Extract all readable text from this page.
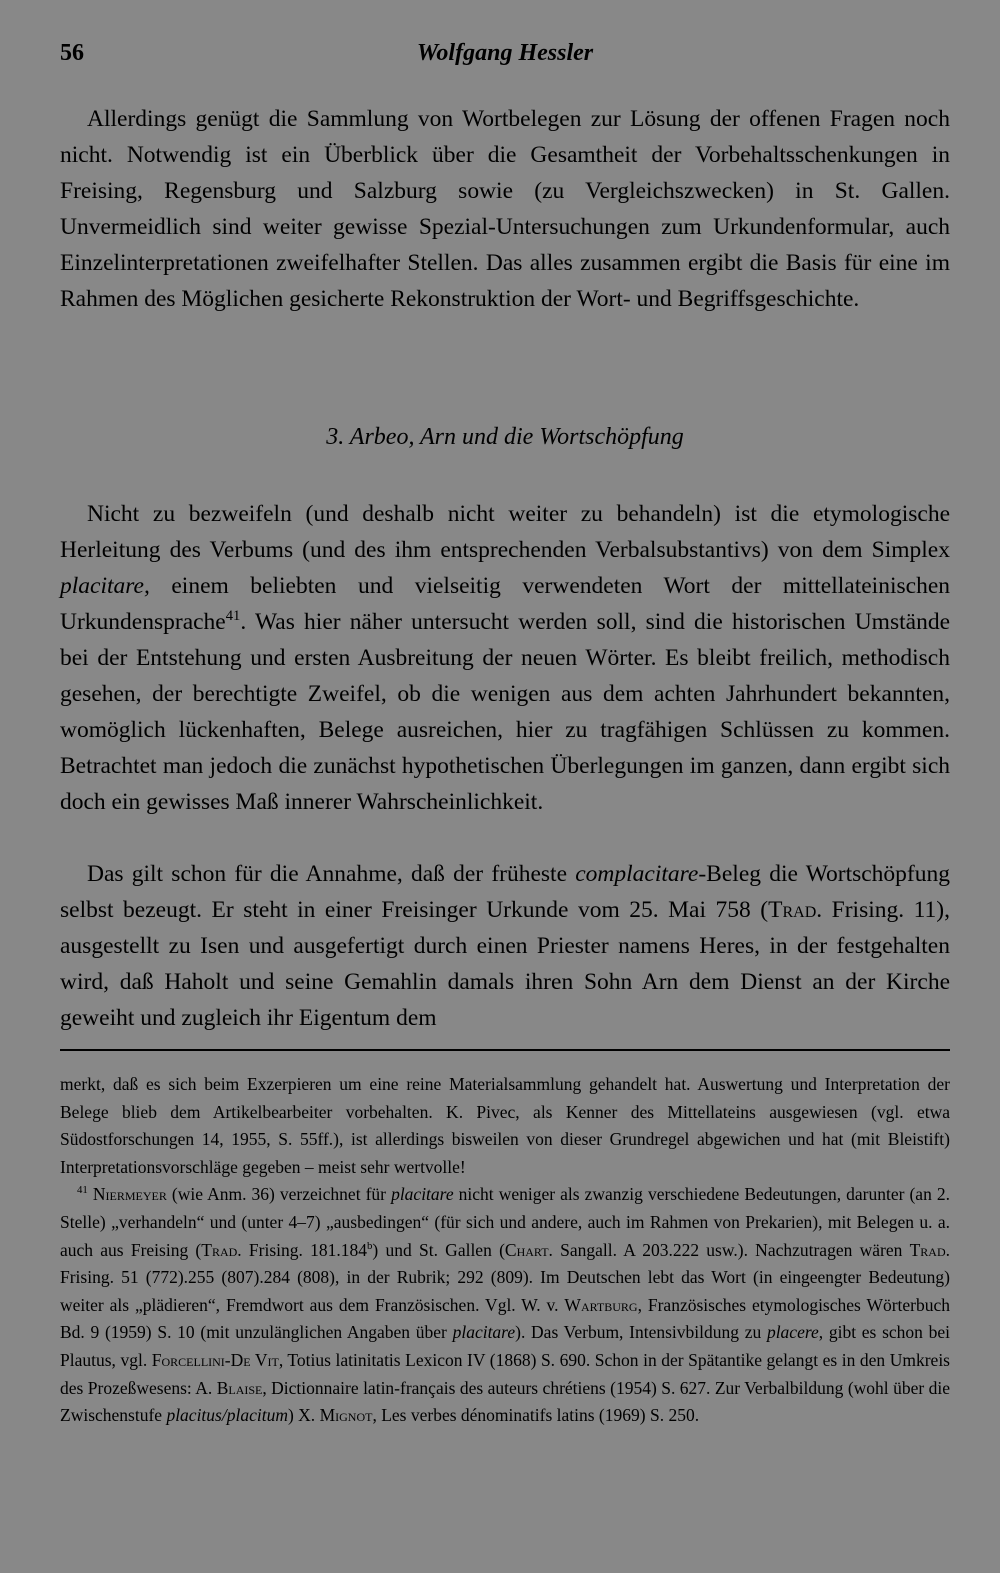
56	Wolfgang Hessler

Allerdings genügt die Sammlung von Wortbelegen zur Lösung der offenen Fragen noch nicht. Notwendig ist ein Überblick über die Gesamtheit der Vorbehaltsschenkungen in Freising, Regensburg und Salzburg sowie (zu Vergleichszwecken) in St. Gallen. Unvermeidlich sind weiter gewisse Spezial-Untersuchungen zum Urkundenformular, auch Einzelinterpretationen zweifelhafter Stellen. Das alles zusammen ergibt die Basis für eine im Rahmen des Möglichen gesicherte Rekonstruktion der Wort- und Begriffsgeschichte.

3. Arbeo, Arn und die Wortschöpfung

Nicht zu bezweifeln (und deshalb nicht weiter zu behandeln) ist die etymologische Herleitung des Verbums (und des ihm entsprechenden Verbalsubstantivs) von dem Simplex placitare, einem beliebten und vielseitig verwendeten Wort der mittellateinischen Urkundensprache$^{41}$. Was hier näher untersucht werden soll, sind die historischen Umstände bei der Entstehung und ersten Ausbreitung der neuen Wörter. Es bleibt freilich, methodisch gesehen, der berechtigte Zweifel, ob die wenigen aus dem achten Jahrhundert bekannten, womöglich lückenhaften, Belege ausreichen, hier zu tragfähigen Schlüssen zu kommen. Betrachtet man jedoch die zunächst hypothetischen Überlegungen im ganzen, dann ergibt sich doch ein gewisses Maß innerer Wahrscheinlichkeit.

Das gilt schon für die Annahme, daß der früheste complacitare-Beleg die Wortschöpfung selbst bezeugt. Er steht in einer Freisinger Urkunde vom 25. Mai 758 (Trad. Frising. 11), ausgestellt zu Isen und ausgefertigt durch einen Priester namens Heres, in der festgehalten wird, daß Haholt und seine Gemahlin damals ihren Sohn Arn dem Dienst an der Kirche geweiht und zugleich ihr Eigentum dem

merkt, daß es sich beim Exzerpieren um eine reine Materialsammlung gehandelt hat. Auswertung und Interpretation der Belege blieb dem Artikelbearbeiter vorbehalten. K. Pivec, als Kenner des Mittellateins ausgewiesen (vgl. etwa Südostforschungen 14, 1955, S. 55ff.), ist allerdings bisweilen von dieser Grundregel abgewichen und hat (mit Bleistift) Interpretationsvorschläge gegeben – meist sehr wertvolle!

$^{41}$ Niermeyer (wie Anm. 36) verzeichnet für placitare nicht weniger als zwanzig verschiedene Bedeutungen, darunter (an 2. Stelle) „verhandeln“ und (unter 4–7) „ausbedingen“ (für sich und andere, auch im Rahmen von Prekarien), mit Belegen u. a. auch aus Freising (Trad. Frising. 181.184$^b$) und St. Gallen (Chart. Sangall. A 203.222 usw.). Nachzutragen wären Trad. Frising. 51 (772).255 (807).284 (808), in der Rubrik; 292 (809). Im Deutschen lebt das Wort (in eingeengter Bedeutung) weiter als „plädieren“, Fremdwort aus dem Französischen. Vgl. W. v. Wartburg, Französisches etymologisches Wörterbuch Bd. 9 (1959) S. 10 (mit unzulänglichen Angaben über placitare). Das Verbum, Intensivbildung zu placere, gibt es schon bei Plautus, vgl. Forcellini-De Vit, Totius latinitatis Lexicon IV (1868) S. 690. Schon in der Spätantike gelangt es in den Umkreis des Prozeßwesens: A. Blaise, Dictionnaire latin-français des auteurs chrétiens (1954) S. 627. Zur Verbalbildung (wohl über die Zwischenstufe placitus/placitum) X. Mignot, Les verbes dénominatifs latins (1969) S. 250.
